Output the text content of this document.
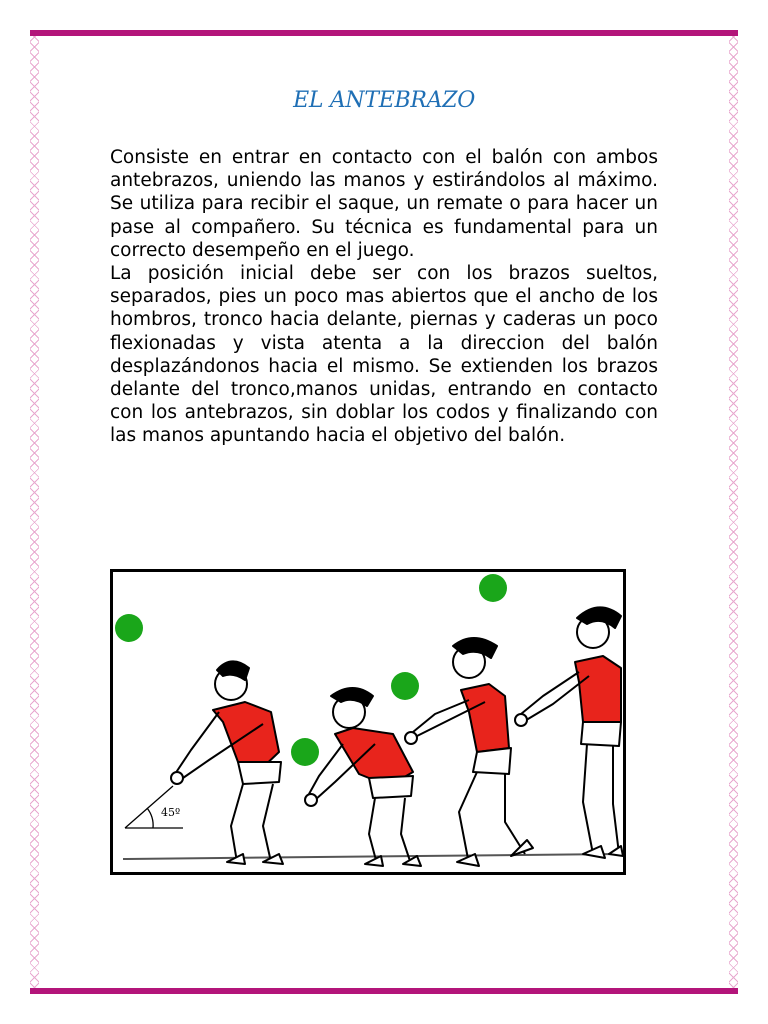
EL ANTEBRAZO

Consiste en entrar en contacto con el balón con ambos antebrazos, uniendo las manos y estirándolos al máximo. Se utiliza para recibir el saque, un remate o para hacer un pase al compañero. Su técnica es fundamental para un correcto desempeño en el juego.

La posición inicial debe ser con los brazos sueltos, separados, pies un poco mas abiertos que el ancho de los hombros, tronco hacia delante, piernas y caderas un poco flexionadas y vista atenta a la direccion del balón desplazándonos hacia el mismo. Se extienden los brazos delante del tronco,manos unidas, entrando en contacto con los antebrazos, sin doblar los codos y finalizando con las manos apuntando hacia el objetivo del balón.

45º
